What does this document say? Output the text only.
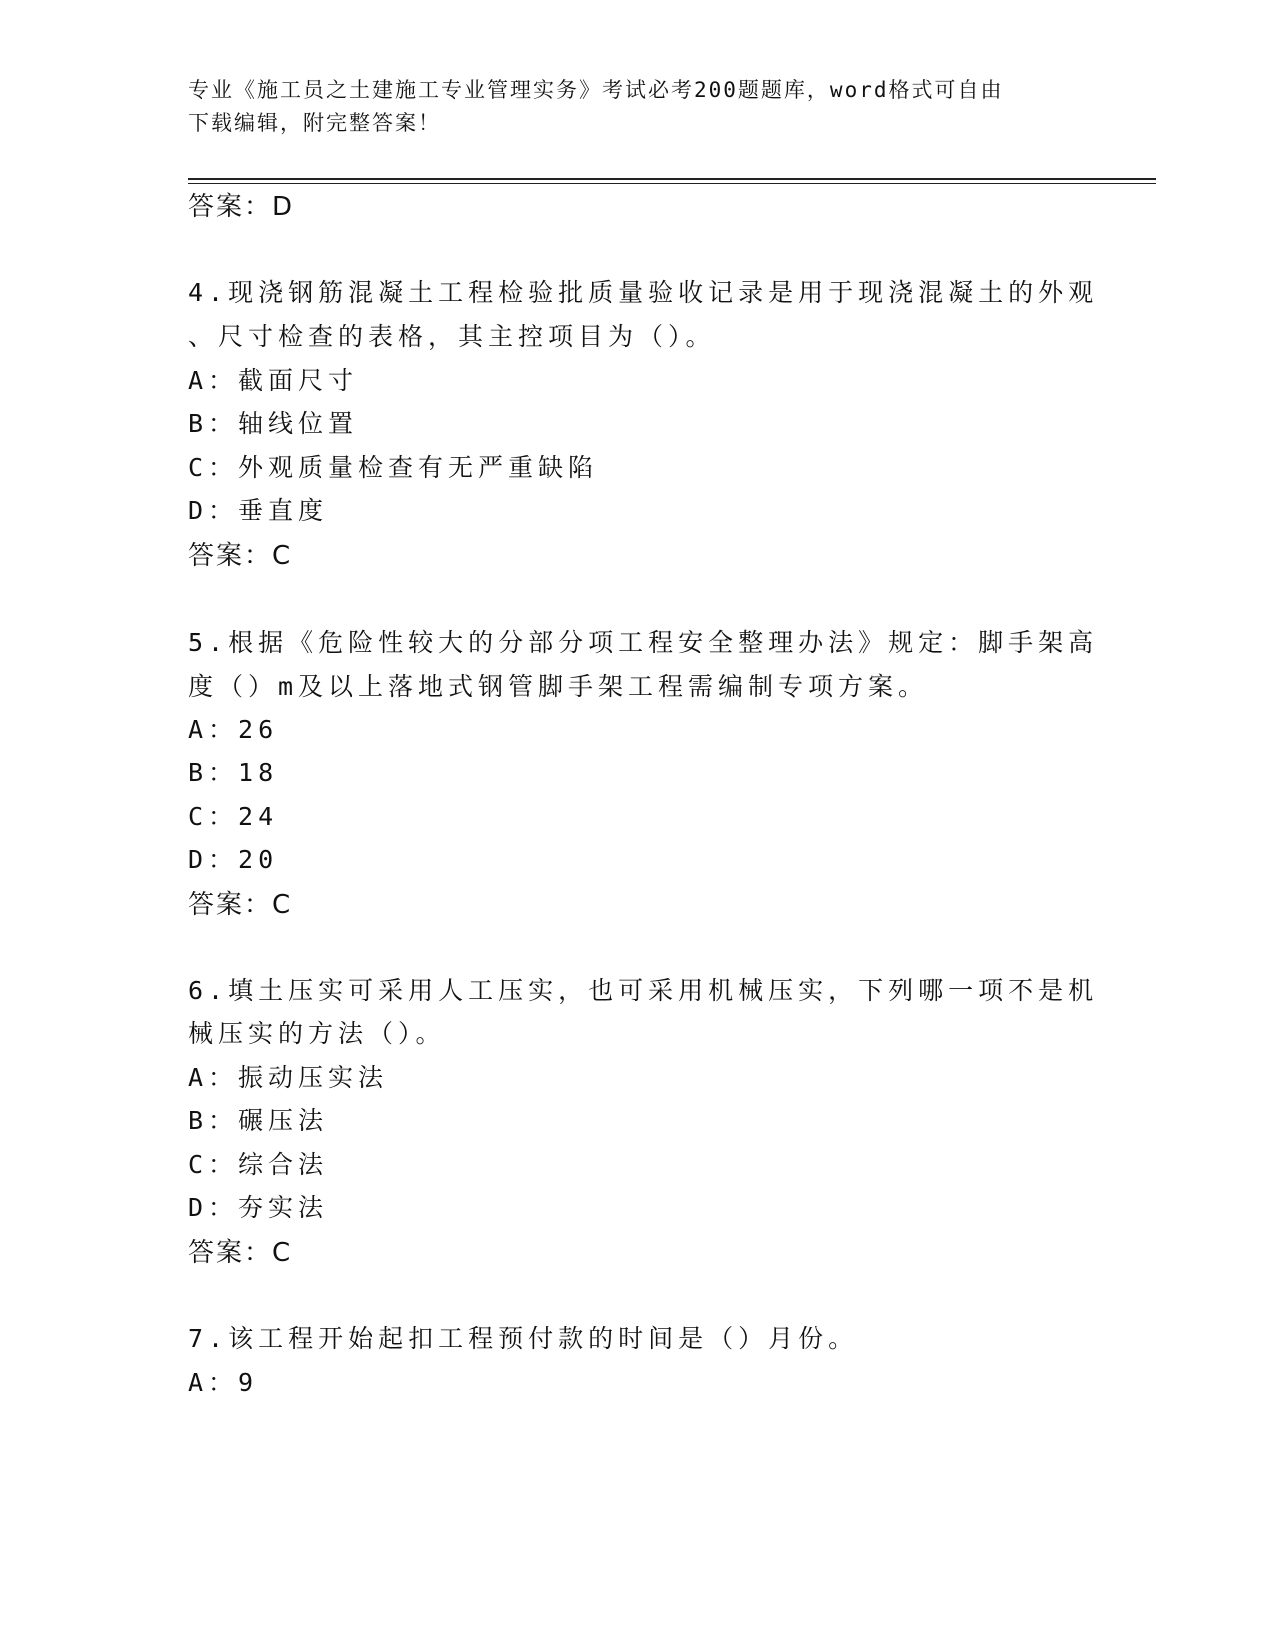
专业《施工员之土建施工专业管理实务》考试必考200题题库，word格式可自由
下载编辑，附完整答案！
答案：D
4.现浇钢筋混凝土工程检验批质量验收记录是用于现浇混凝土的外观
、尺寸检查的表格，其主控项目为（）。
A：截面尺寸
B：轴线位置
C：外观质量检查有无严重缺陷
D：垂直度
答案：C
5.根据《危险性较大的分部分项工程安全整理办法》规定：脚手架高
度（）m及以上落地式钢管脚手架工程需编制专项方案。
A：26
B：18
C：24
D：20
答案：C
6.填土压实可采用人工压实，也可采用机械压实，下列哪一项不是机
械压实的方法（）。
A：振动压实法
B：碾压法
C：综合法
D：夯实法
答案：C
7.该工程开始起扣工程预付款的时间是（）月份。
A：9
